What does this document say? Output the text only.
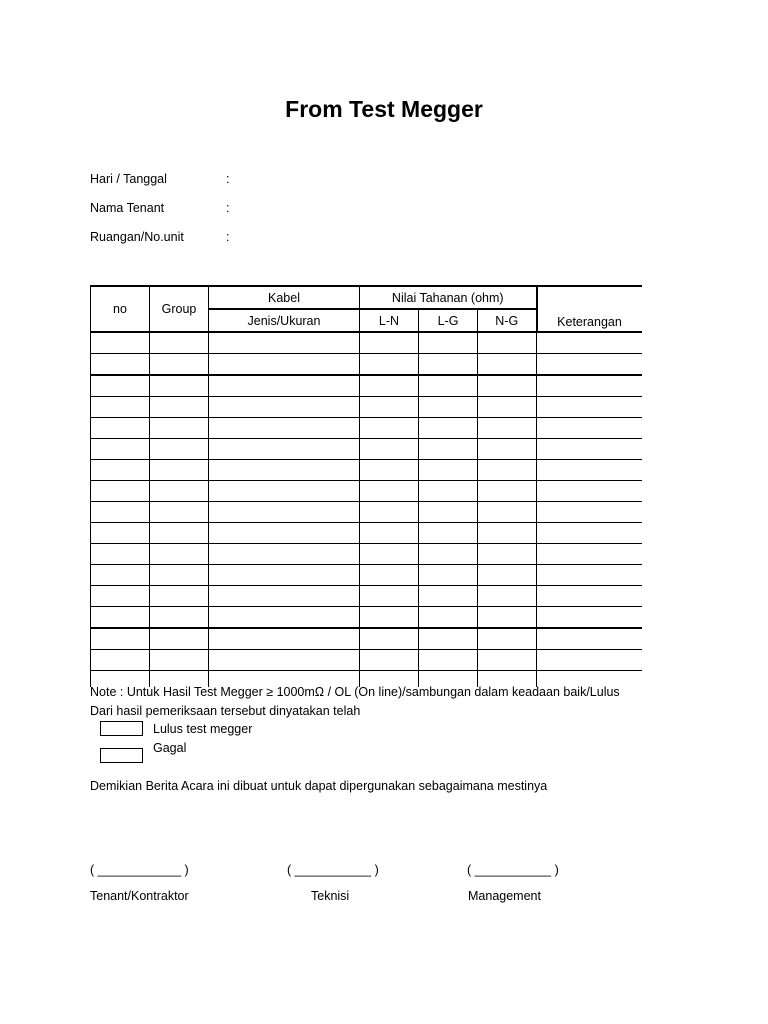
From Test Megger
Hari / Tanggal	:
Nama Tenant	:
Ruangan/No.unit	:
no	Group	Kabel	Nilai Tahanan (ohm)			Keterangan
		Jenis/Ukuran	L-N	L-G	N-G	

Note : Untuk Hasil Test Megger ≥ 1000mΩ / OL (On line)/sambungan dalam keadaan baik/Lulus
Dari hasil pemeriksaan tersebut dinyatakan telah
Lulus test megger
Gagal
Demikian Berita Acara ini dibuat untuk dapat dipergunakan sebagaimana mestinya
( ____________ )	( ___________ )	( ___________ )
Tenant/Kontraktor	Teknisi	Management
